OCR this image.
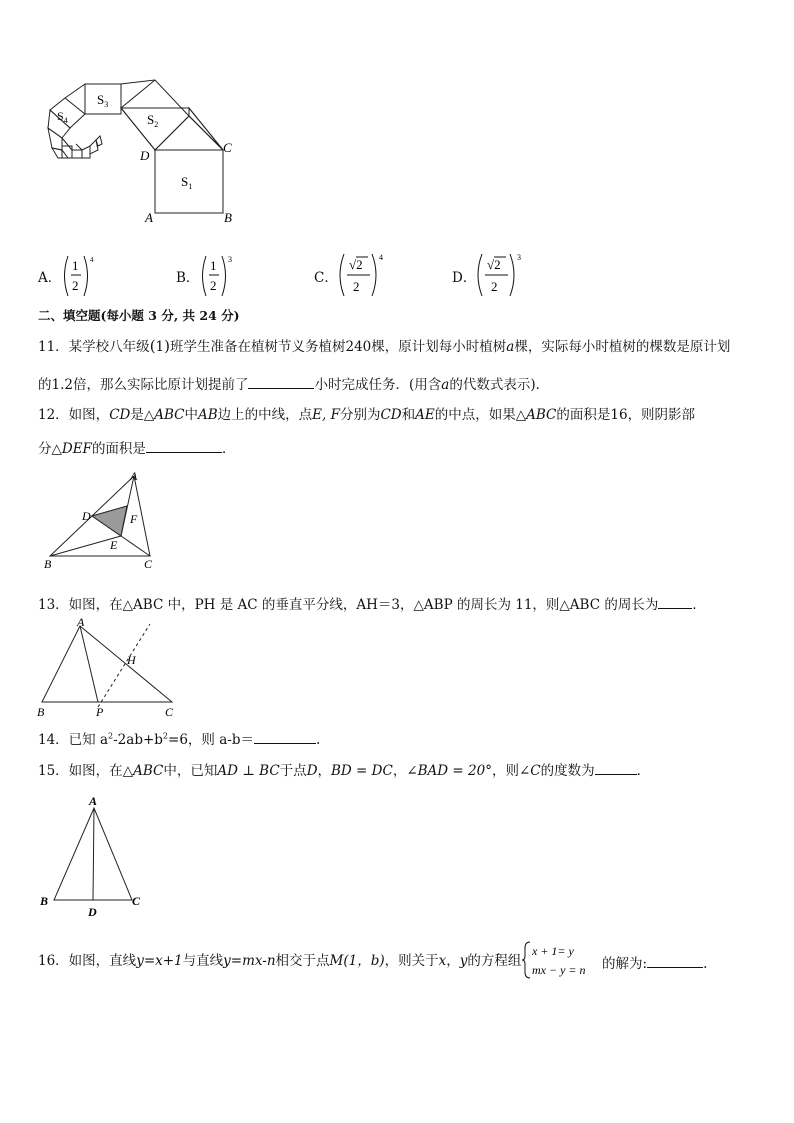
$S_1$
$S_2$
$S_3$
$S_4$
D
C
A	B
A．
1
2
4
B．
1
2
3
C．
√2
2
4
D．
√2
2
3
二、填空题(每小题 3 分, 共 24 分)
11．某学校八年级(1)班学生准备在植树节义务植树240棵，原计划每小时植树a棵，实际每小时植树的棵数是原计划
的1.2倍，那么实际比原计划提前了	小时完成任务．(用含a的代数式表示)．
12．如图，CD是△ABC中AB边上的中线，点E, F分别为CD和AE的中点，如果△ABC的面积是16，则阴影部
分△DEF的面积是	．
A
B	C
D
E
F
13．如图，在△ABC 中，PH 是 AC 的垂直平分线，AH＝3，△ABP 的周长为 11，则△ABC 的周长为	．
A
B	C
H
P
14．已知 $a^2-2ab+b^2=6$，则 a-b＝	.
15．如图，在△ABC中，已知AD ⊥ BC于点D，BD = DC，∠BAD = 20°，则∠C的度数为	．
A
B	C
D
16．如图，直线y=x+1与直线y=mx-n相交于点M(1，b)，则关于x，y的方程组
x + 1= y
mx − y = n 的解为:	.
